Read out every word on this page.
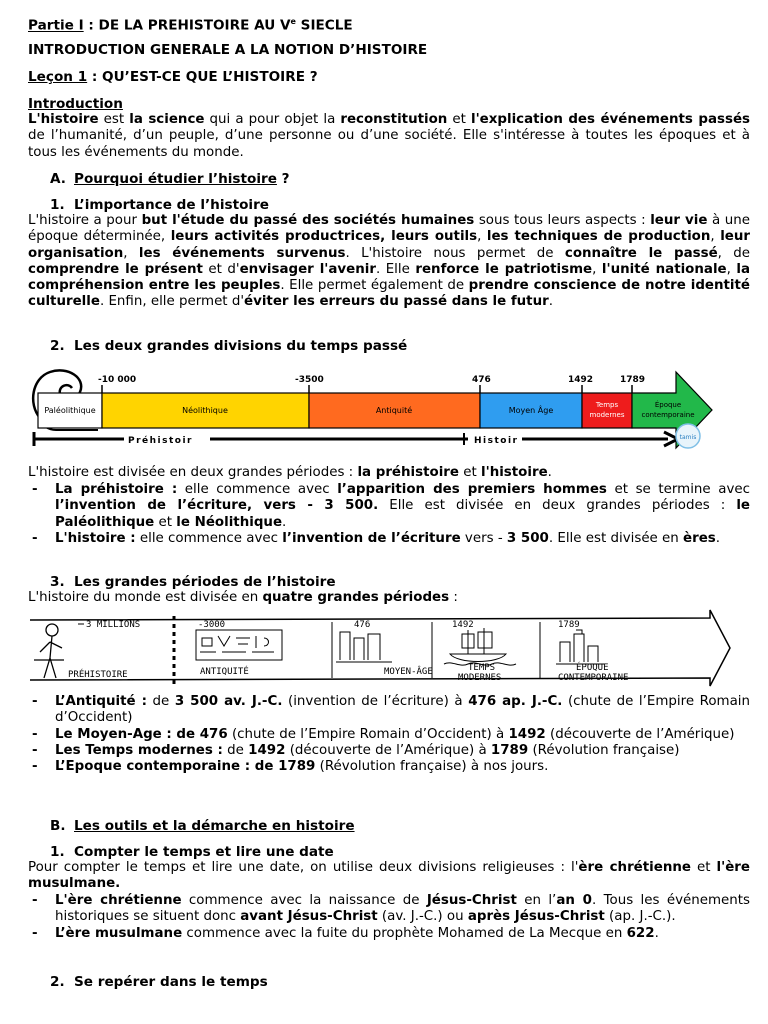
Partie I : DE LA PREHISTOIRE AU Ve SIECLE
INTRODUCTION GENERALE A LA NOTION D’HISTOIRE
Leçon 1 : QU’EST-CE QUE L’HISTOIRE ?
Introduction
L'histoire est la science qui a pour objet la reconstitution et l'explication des événements passés de l’humanité, d’un peuple, d’une personne ou d’une société. Elle s'intéresse à toutes les époques et à tous les événements du monde.
A. Pourquoi étudier l’histoire ?
1. L’importance de l’histoire
L'histoire a pour but l'étude du passé des sociétés humaines sous tous leurs aspects : leur vie à une époque déterminée, leurs activités productrices, leurs outils, les techniques de production, leur organisation, les événements survenus. L'histoire nous permet de connaître le passé, de comprendre le présent et d'envisager l'avenir. Elle renforce le patriotisme, l'unité nationale, la compréhension entre les peuples. Elle permet également de prendre conscience de notre identité culturelle. Enfin, elle permet d'éviter les erreurs du passé dans le futur.
2. Les deux grandes divisions du temps passé
-10 000	-3500	476	1492	1789
Paléolithique	Néolithique	Antiquité	Moyen Âge
Temps
modernes
Époque
contemporaine
Préhistoir	Histoir	tamis
L'histoire est divisée en deux grandes périodes : la préhistoire et l'histoire.
- La préhistoire : elle commence avec l’apparition des premiers hommes et se termine avec l’invention de l’écriture, vers - 3 500. Elle est divisée en deux grandes périodes : le Paléolithique et le Néolithique.
- L'histoire : elle commence avec l’invention de l’écriture vers - 3 500. Elle est divisée en ères.
3. Les grandes périodes de l’histoire
L'histoire du monde est divisée en quatre grandes périodes :
3 MILLIONS	-3000	476	1492	1789
PRÉHISTOIRE	ANTIQUITÉ	MOYEN-ÂGE	TEMPS
MODERNES
ÉPOQUE
CONTEMPORAINE
- L’Antiquité : de 3 500 av. J.-C. (invention de l’écriture) à 476 ap. J.-C. (chute de l’Empire Romain d’Occident)
- Le Moyen-Age : de 476 (chute de l’Empire Romain d’Occident) à 1492 (découverte de l’Amérique)
- Les Temps modernes : de 1492 (découverte de l’Amérique) à 1789 (Révolution française)
- L’Epoque contemporaine : de 1789 (Révolution française) à nos jours.
B. Les outils et la démarche en histoire
1. Compter le temps et lire une date
Pour compter le temps et lire une date, on utilise deux divisions religieuses : l'ère chrétienne et l'ère musulmane.
- L'ère chrétienne commence avec la naissance de Jésus-Christ en l’an 0. Tous les événements historiques se situent donc avant Jésus-Christ (av. J.-C.) ou après Jésus-Christ (ap. J.-C.).
- L’ère musulmane commence avec la fuite du prophète Mohamed de La Mecque en 622.
2. Se repérer dans le temps
